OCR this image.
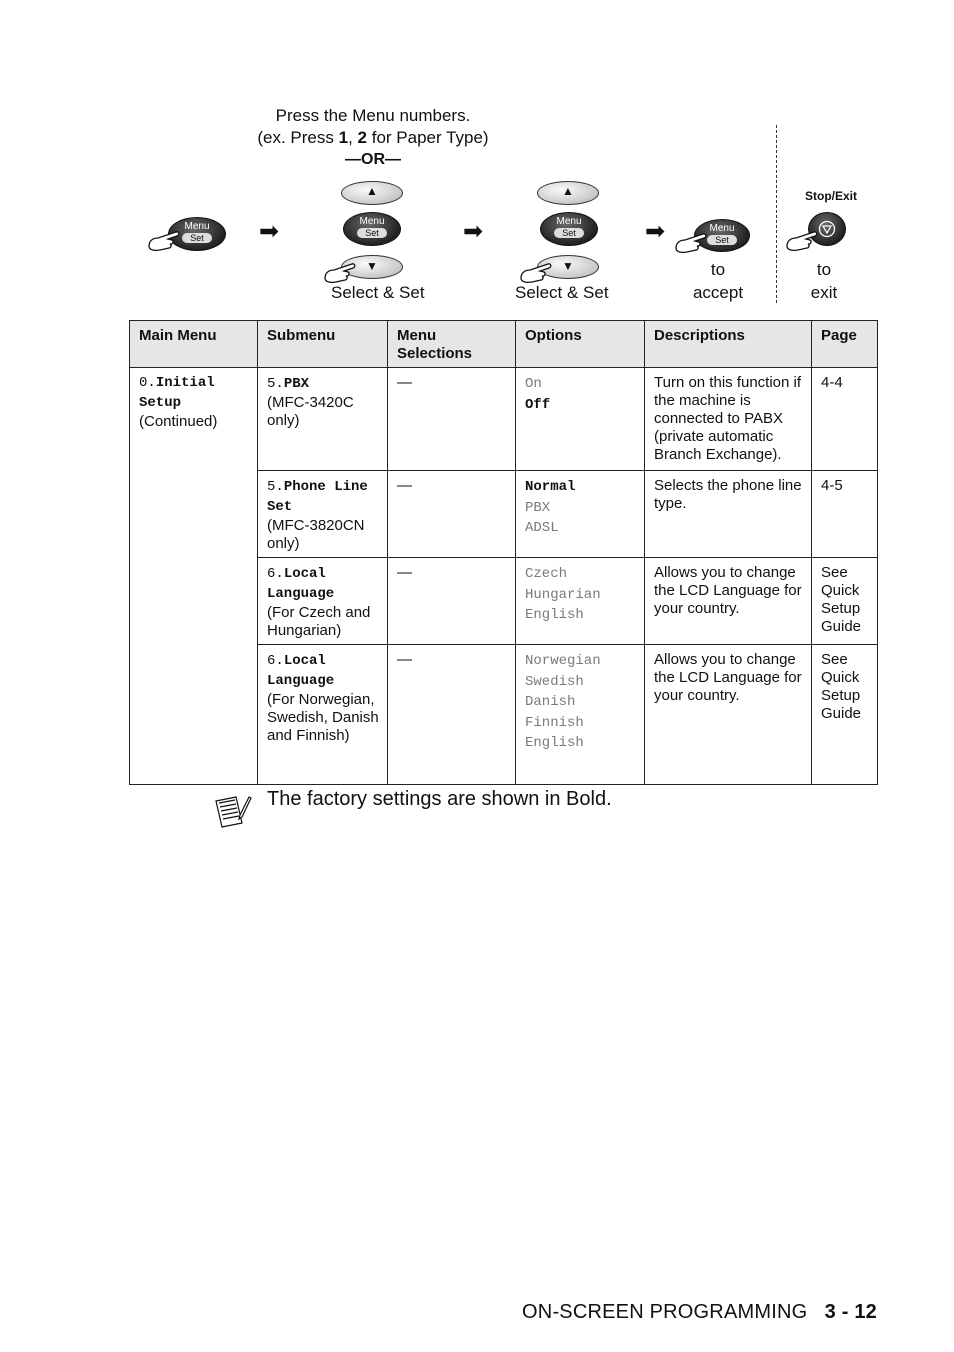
Press the Menu numbers.
(ex. Press 1, 2 for Paper Type)
—OR—
Menu
Set	➡
▲
Menu
Set
▼
Select & Set
➡
▲
Menu
Set
▼
Select & Set
➡	Menu
Set
to
accept
Stop/Exit
to
exit
Main Menu	Submenu	Menu
Selections	Options	Descriptions	Page
0.Initial Setup
(Continued)	5.PBX
(MFC-3420C only)	—	On
Off	Turn on this function if the machine is connected to PABX (private automatic Branch Exchange).	4-4
	5.Phone Line Set
(MFC-3820CN only)	—	Normal
PBX
ADSL	Selects the phone line type.	4-5
	6.Local Language
(For Czech and Hungarian)	—	Czech
Hungarian
English	Allows you to change the LCD Language for your country.	See Quick Setup Guide
	6.Local Language
(For Norwegian, Swedish, Danish and Finnish)	—	Norwegian
Swedish
Danish
Finnish
English	Allows you to change the LCD Language for your country.	See Quick Setup Guide
The factory settings are shown in Bold.
ON-SCREEN PROGRAMMING 3 - 12
